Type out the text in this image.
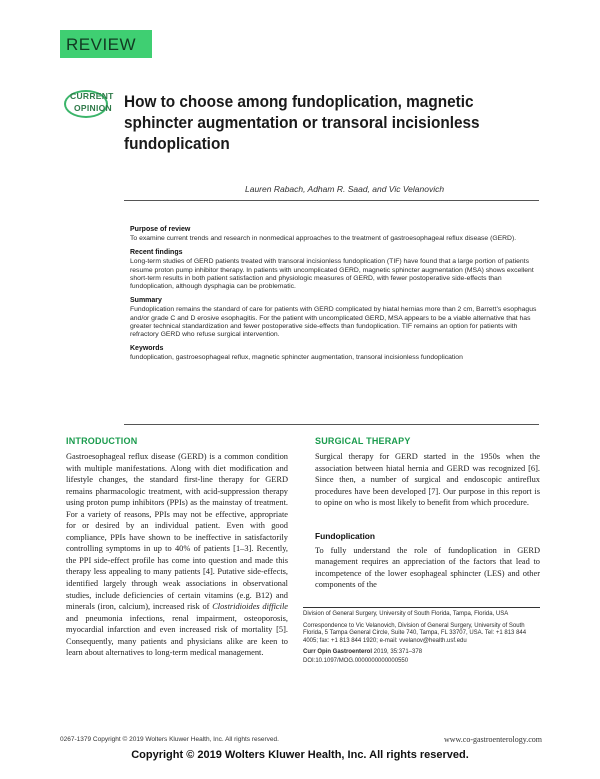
REVIEW
CURRENT
OPINION How to choose among fundoplication, magnetic sphincter augmentation or transoral incisionless fundoplication
Lauren Rabach, Adham R. Saad, and Vic Velanovich
Purpose of review
To examine current trends and research in nonmedical approaches to the treatment of gastroesophageal reflux disease (GERD).
Recent findings
Long-term studies of GERD patients treated with transoral incisionless fundoplication (TIF) have found that a large portion of patients resume proton pump inhibitor therapy. In patients with uncomplicated GERD, magnetic sphincter augmentation (MSA) shows excellent short-term results in both patient satisfaction and physiologic measures of GERD, with fewer postoperative side-effects than fundoplication, although dysphagia can be problematic.
Summary
Fundoplication remains the standard of care for patients with GERD complicated by hiatal hernias more than 2 cm, Barrett’s esophagus and/or grade C and D erosive esophagitis. For the patient with uncomplicated GERD, MSA appears to be a viable alternative that has greater technical standardization and fewer postoperative side-effects than fundoplication. TIF remains an option for patients with refractory GERD who refuse surgical intervention.
Keywords
fundoplication, gastroesophageal reflux, magnetic sphincter augmentation, transoral incisionless fundoplication
INTRODUCTION

Gastroesophageal reflux disease (GERD) is a common condition with multiple manifestations. Along with diet modification and lifestyle changes, the standard first-line therapy for GERD remains pharmacologic treatment, with acid-suppression therapy using proton pump inhibitors (PPIs) as the mainstay of treatment. For a variety of reasons, PPIs may not be effective, appropriate for or desired by an individual patient. Even with good compliance, PPIs have shown to be ineffective in satisfactorily controlling symptoms in up to 40% of patients [1–3]. Recently, the PPI side-effect profile has come into question and made this therapy less appealing to many patients [4]. Putative side-effects, identified largely through weak associations in observational studies, include deficiencies of certain vitamins (e.g. B12) and minerals (iron, calcium), increased risk of Clostridioides difficile and pneumonia infections, renal impairment, osteoporosis, myocardial infarction and even increased risk of mortality [5]. Consequently, many patients and physicians alike are keen to learn about alternatives to long-term medical management.

SURGICAL THERAPY

Surgical therapy for GERD started in the 1950s when the association between hiatal hernia and GERD was recognized [6]. Since then, a number of surgical and endoscopic antireflux procedures have been developed [7]. Our purpose in this report is to opine on who is most likely to benefit from which procedure.

Fundoplication

To fully understand the role of fundoplication in GERD management requires an appreciation of the factors that lead to incompetence of the lower esophageal sphincter (LES) and other components of the

Division of General Surgery, University of South Florida, Tampa, Florida, USA

Correspondence to Vic Velanovich, Division of General Surgery, University of South Florida, 5 Tampa General Circle, Suite 740, Tampa, FL 33707, USA. Tel: +1 813 844 4005; fax: +1 813 844 1920; e-mail: vvelanov@health.usf.edu

Curr Opin Gastroenterol 2019, 35:371–378

DOI:10.1097/MOG.0000000000000550

0267-1379 Copyright © 2019 Wolters Kluwer Health, Inc. All rights reserved.	www.co-gastroenterology.com
Copyright © 2019 Wolters Kluwer Health, Inc. All rights reserved.
